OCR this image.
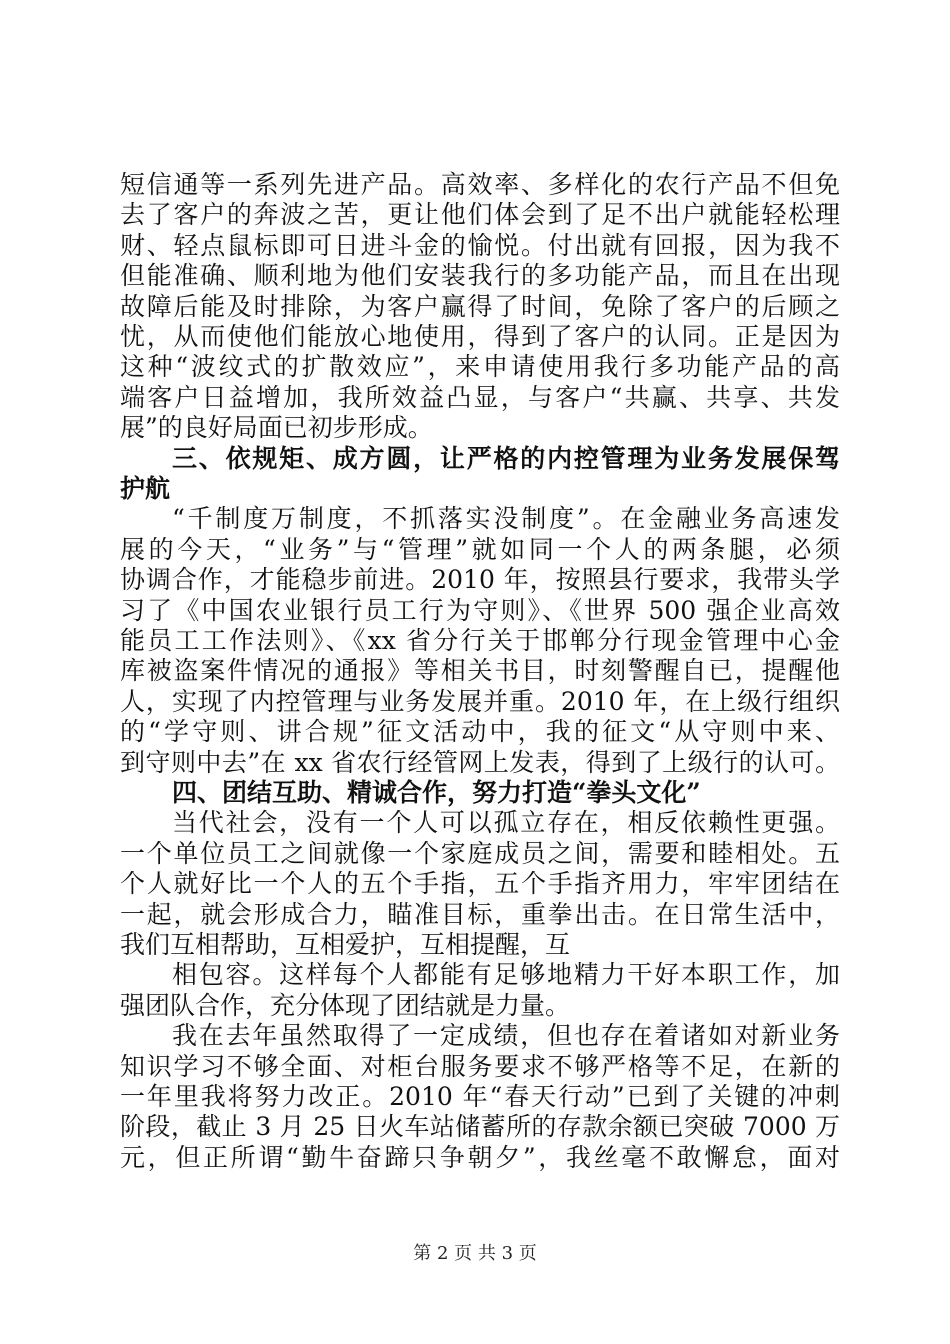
短信通等一系列先进产品。高效率、多样化的农行产品不但免
去了客户的奔波之苦，更让他们体会到了足不出户就能轻松理
财、轻点鼠标即可日进斗金的愉悦。付出就有回报，因为我不
但能准确、顺利地为他们安装我行的多功能产品，而且在出现
故障后能及时排除，为客户赢得了时间，免除了客户的后顾之
忧，从而使他们能放心地使用，得到了客户的认同。正是因为
这种“波纹式的扩散效应”，来申请使用我行多功能产品的高
端客户日益增加，我所效益凸显，与客户“共赢、共享、共发
展”的良好局面已初步形成。
三、依规矩、成方圆，让严格的内控管理为业务发展保驾
护航
“千制度万制度，不抓落实没制度”。在金融业务高速发
展的今天，“业务”与“管理”就如同一个人的两条腿，必须
协调合作，才能稳步前进。2010 年，按照县行要求，我带头学
习了《中国农业银行员工行为守则》、《世界 500 强企业高效
能员工工作法则》、《xx 省分行关于邯郸分行现金管理中心金
库被盗案件情况的通报》等相关书目，时刻警醒自已，提醒他
人，实现了内控管理与业务发展并重。2010 年，在上级行组织
的“学守则、讲合规”征文活动中，我的征文“从守则中来、
到守则中去”在 xx 省农行经管网上发表，得到了上级行的认可。
四、团结互助、精诚合作，努力打造“拳头文化”
当代社会，没有一个人可以孤立存在，相反依赖性更强。
一个单位员工之间就像一个家庭成员之间，需要和睦相处。五
个人就好比一个人的五个手指，五个手指齐用力，牢牢团结在
一起，就会形成合力，瞄准目标，重拳出击。在日常生活中，
我们互相帮助，互相爱护，互相提醒，互
相包容。这样每个人都能有足够地精力干好本职工作，加
强团队合作，充分体现了团结就是力量。
我在去年虽然取得了一定成绩，但也存在着诸如对新业务
知识学习不够全面、对柜台服务要求不够严格等不足，在新的
一年里我将努力改正。2010 年“春天行动”已到了关键的冲刺
阶段，截止 3 月 25 日火车站储蓄所的存款余额已突破 7000 万
元，但正所谓“勤牛奋蹄只争朝夕”，我丝毫不敢懈怠，面对
第 2 页 共 3 页
